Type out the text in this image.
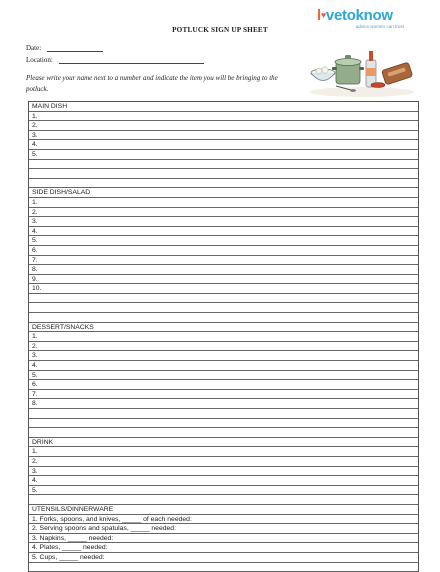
l♥vetoknow
advice women can trust
POTLUCK SIGN UP SHEET
Date:
Location:
Please write your name next to a number and indicate the item you will be bringing to the potluck.
MAIN DISH
1.
2.
3.
4.
5.
SIDE DISH/SALAD
1.
2.
3.
4.
5.
6.
7.
8.
9.
10.
DESSERT/SNACKS
1.
2.
3.
4.
5.
6.
7.
8.
DRINK
1.
2.
3.
4.
5.
UTENSILS/DINNERWARE
1. Forks, spoons, and knives, _____ of each needed:
2. Serving spoons and spatulas, _____ needed:
3. Napkins, _____ needed:
4. Plates, _____ needed:
5. Cups, _____ needed:
